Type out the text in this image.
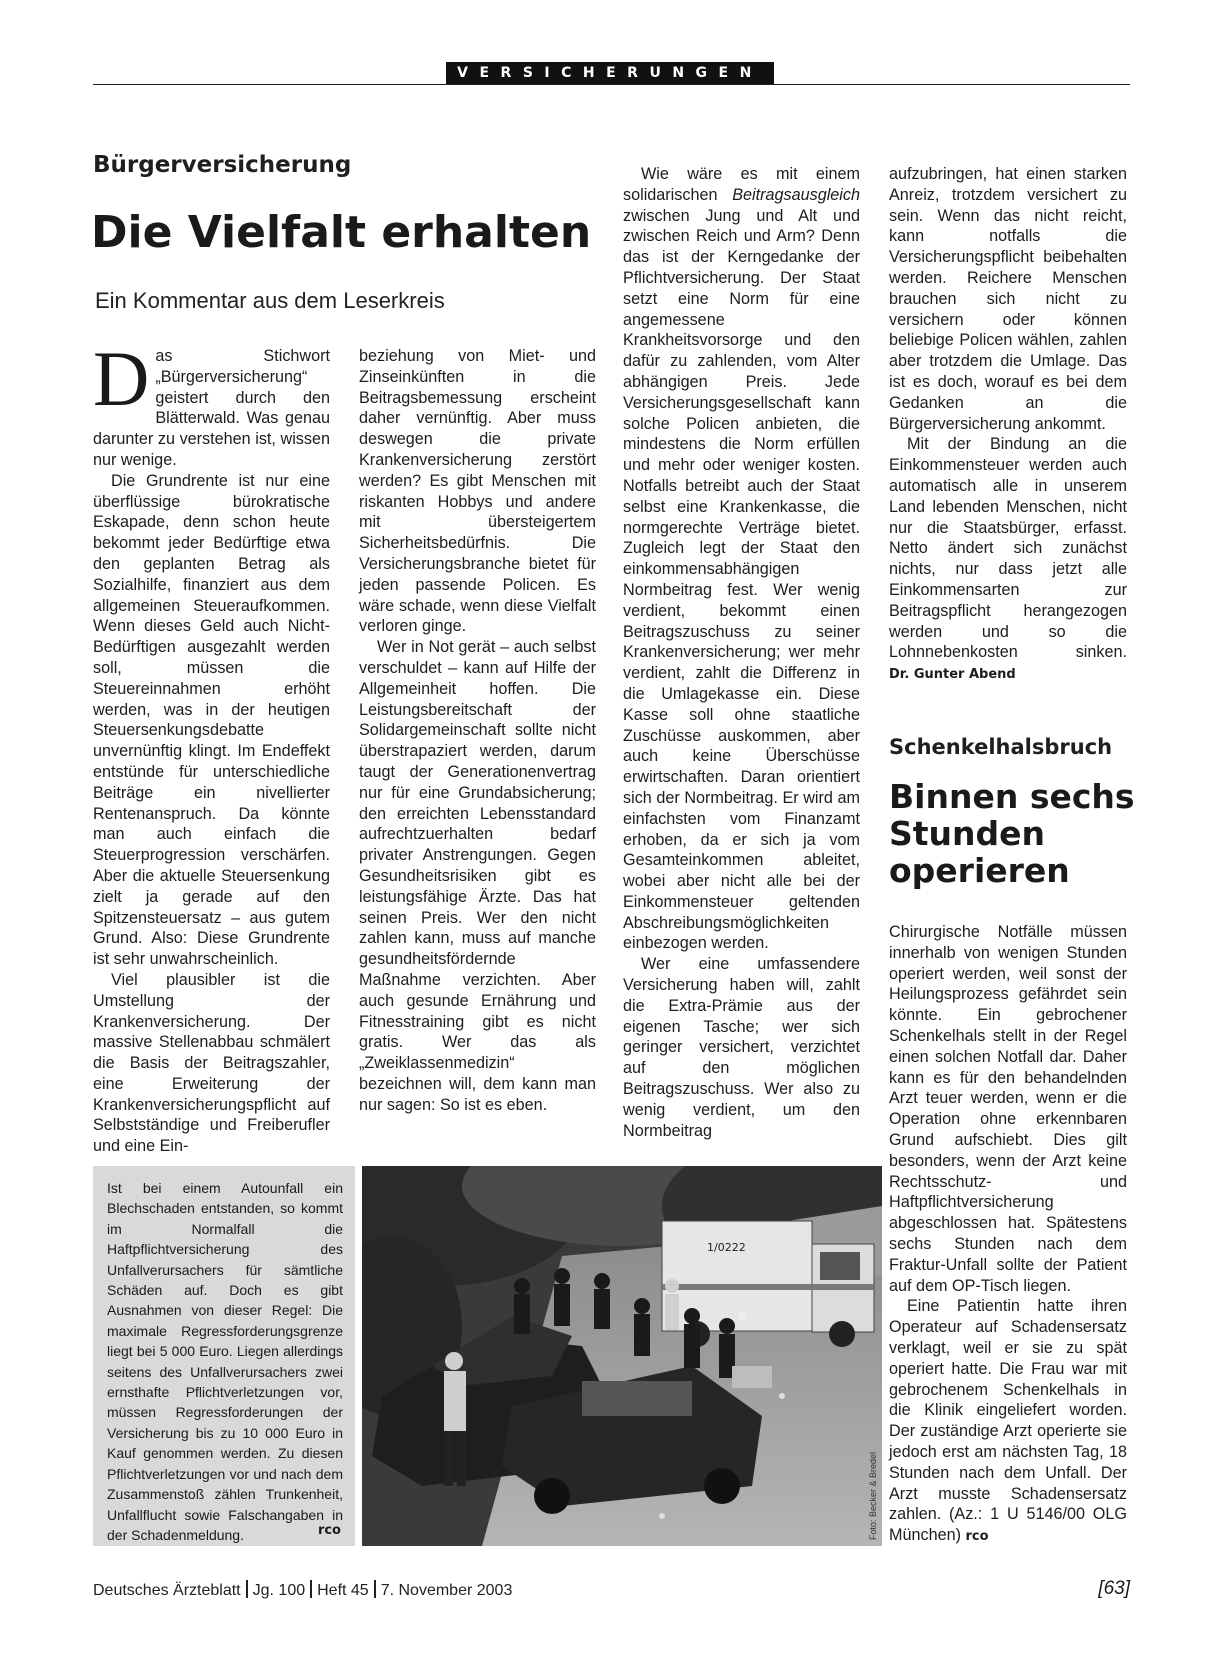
VERSICHERUNGEN
Bürgerversicherung
Die Vielfalt erhalten
Ein Kommentar aus dem Leserkreis
D as Stichwort „Bürgerversicherung“ geistert durch den Blätterwald. Was genau darunter zu verstehen ist, wissen nur wenige.

Die Grundrente ist nur eine überflüssige bürokratische Eskapade, denn schon heute bekommt jeder Bedürftige etwa den geplanten Betrag als Sozialhilfe, finanziert aus dem allgemeinen Steueraufkommen. Wenn dieses Geld auch Nicht-Bedürftigen ausgezahlt werden soll, müssen die Steuereinnahmen erhöht werden, was in der heutigen Steuersenkungsdebatte unvernünftig klingt. Im Endeffekt entstünde für unterschiedliche Beiträge ein nivellierter Rentenanspruch. Da könnte man auch einfach die Steuerprogression verschärfen. Aber die aktuelle Steuersenkung zielt ja gerade auf den Spitzensteuersatz – aus gutem Grund. Also: Diese Grundrente ist sehr unwahrscheinlich.

Viel plausibler ist die Umstellung der Krankenversicherung. Der massive Stellenabbau schmälert die Basis der Beitragszahler, eine Erweiterung der Krankenversicherungspflicht auf Selbstständige und Freiberufler und eine Ein-

beziehung von Miet- und Zinseinkünften in die Beitragsbemessung erscheint daher vernünftig. Aber muss deswegen die private Krankenversicherung zerstört werden? Es gibt Menschen mit riskanten Hobbys und andere mit übersteigertem Sicherheitsbedürfnis. Die Versicherungsbranche bietet für jeden passende Policen. Es wäre schade, wenn diese Vielfalt verloren ginge.

Wer in Not gerät – auch selbst verschuldet – kann auf Hilfe der Allgemeinheit hoffen. Die Leistungsbereitschaft der Solidargemeinschaft sollte nicht überstrapaziert werden, darum taugt der Generationenvertrag nur für eine Grundabsicherung; den erreichten Lebensstandard aufrechtzuerhalten bedarf privater Anstrengungen. Gegen Gesundheitsrisiken gibt es leistungsfähige Ärzte. Das hat seinen Preis. Wer den nicht zahlen kann, muss auf manche gesundheitsfördernde Maßnahme verzichten. Aber auch gesunde Ernährung und Fitnesstraining gibt es nicht gratis. Wer das als „Zweiklassenmedizin“ bezeichnen will, dem kann man nur sagen: So ist es eben.

Wie wäre es mit einem solidarischen Beitragsausgleich zwischen Jung und Alt und zwischen Reich und Arm? Denn das ist der Kerngedanke der Pflichtversicherung. Der Staat setzt eine Norm für eine angemessene Krankheitsvorsorge und den dafür zu zahlenden, vom Alter abhängigen Preis. Jede Versicherungsgesellschaft kann solche Policen anbieten, die mindestens die Norm erfüllen und mehr oder weniger kosten. Notfalls betreibt auch der Staat selbst eine Krankenkasse, die normgerechte Verträge bietet. Zugleich legt der Staat den einkommensabhängigen Normbeitrag fest. Wer wenig verdient, bekommt einen Beitragszuschuss zu seiner Krankenversicherung; wer mehr verdient, zahlt die Differenz in die Umlagekasse ein. Diese Kasse soll ohne staatliche Zuschüsse auskommen, aber auch keine Überschüsse erwirtschaften. Daran orientiert sich der Normbeitrag. Er wird am einfachsten vom Finanzamt erhoben, da er sich ja vom Gesamteinkommen ableitet, wobei aber nicht alle bei der Einkommensteuer geltenden Abschreibungsmöglichkeiten einbezogen werden.

Wer eine umfassendere Versicherung haben will, zahlt die Extra-Prämie aus der eigenen Tasche; wer sich geringer versichert, verzichtet auf den möglichen Beitragszuschuss. Wer also zu wenig verdient, um den Normbeitrag

aufzubringen, hat einen starken Anreiz, trotzdem versichert zu sein. Wenn das nicht reicht, kann notfalls die Versicherungspflicht beibehalten werden. Reichere Menschen brauchen sich nicht zu versichern oder können beliebige Policen wählen, zahlen aber trotzdem die Umlage. Das ist es doch, worauf es bei dem Gedanken an die Bürgerversicherung ankommt.

Mit der Bindung an die Einkommensteuer werden auch automatisch alle in unserem Land lebenden Menschen, nicht nur die Staatsbürger, erfasst. Netto ändert sich zunächst nichts, nur dass jetzt alle Einkommensarten zur Beitragspflicht herangezogen werden und so die Lohnnebenkosten sinken. Dr. Gunter Abend

Schenkelhalsbruch
Binnen sechs
Stunden
operieren

Chirurgische Notfälle müssen innerhalb von wenigen Stunden operiert werden, weil sonst der Heilungsprozess gefährdet sein könnte. Ein gebrochener Schenkelhals stellt in der Regel einen solchen Notfall dar. Daher kann es für den behandelnden Arzt teuer werden, wenn er die Operation ohne erkennbaren Grund aufschiebt. Dies gilt besonders, wenn der Arzt keine Rechtsschutz- und Haftpflichtversicherung abgeschlossen hat. Spätestens sechs Stunden nach dem Fraktur-Unfall sollte der Patient auf dem OP-Tisch liegen.

Eine Patientin hatte ihren Operateur auf Schadensersatz verklagt, weil er sie zu spät operiert hatte. Die Frau war mit gebrochenem Schenkelhals in die Klinik eingeliefert worden. Der zuständige Arzt operierte sie jedoch erst am nächsten Tag, 18 Stunden nach dem Unfall. Der Arzt musste Schadensersatz zahlen. (Az.: 1 U 5146/00 OLG München) rco

Ist bei einem Autounfall ein Blechschaden entstanden, so kommt im Normalfall die Haftpflichtversicherung des Unfallverursachers für sämtliche Schäden auf. Doch es gibt Ausnahmen von dieser Regel: Die maximale Regressforderungsgrenze liegt bei 5 000 Euro. Liegen allerdings seitens des Unfallverursachers zwei ernsthafte Pflichtverletzungen vor, müssen Regressforderungen der Versicherung bis zu 10 000 Euro in Kauf genommen werden. Zu diesen Pflichtverletzungen vor und nach dem Zusammenstoß zählen Trunkenheit, Unfallflucht sowie Falschangaben in der Schadenmeldung.	rco
1/0222
Foto: Becker & Bredel
Deutsches Ärzteblatt Jg. 100 Heft 45 7. November 2003	[63]
